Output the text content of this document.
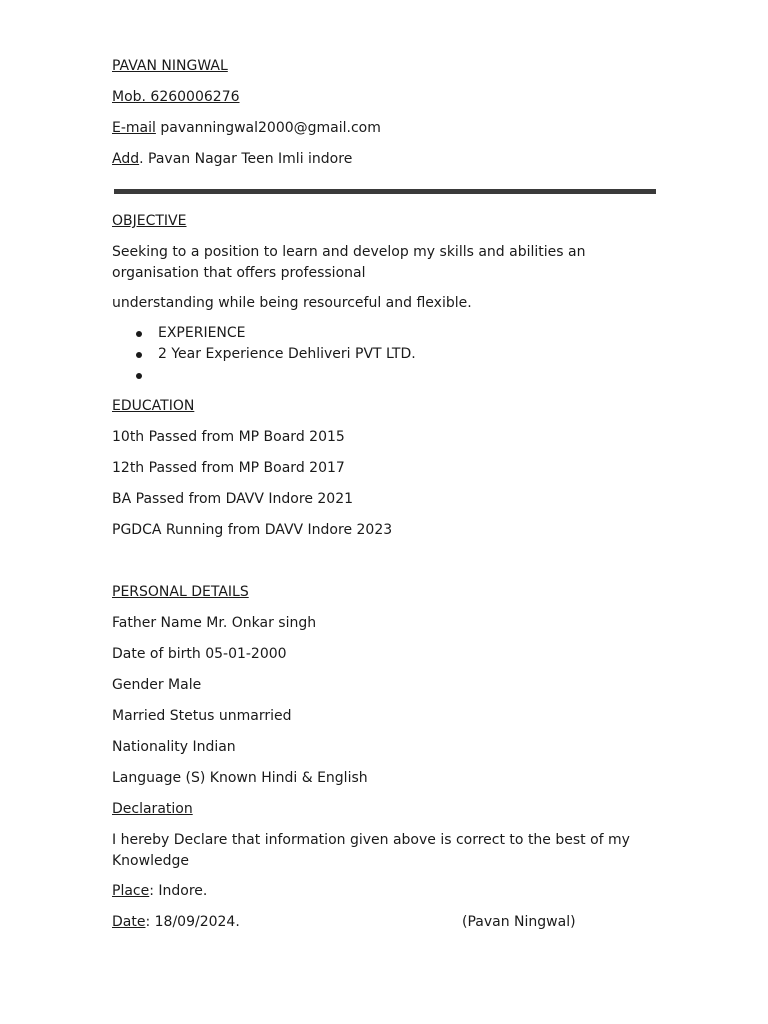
PAVAN NINGWAL

Mob. 6260006276

E-mail pavanningwal2000@gmail.com

Add. Pavan Nagar Teen Imli indore

OBJECTIVE

Seeking to a position to learn and develop my skills and abilities an organisation that offers professional

understanding while being resourceful and flexible.

EXPERIENCE
2 Year Experience Dehliveri PVT LTD.

EDUCATION

10th Passed from MP Board 2015

12th Passed from MP Board 2017

BA Passed from DAVV Indore 2021

PGDCA Running from DAVV Indore 2023

PERSONAL DETAILS

Father Name Mr. Onkar singh

Date of birth 05-01-2000

Gender Male

Married Stetus unmarried

Nationality Indian

Language (S) Known Hindi & English

Declaration

I hereby Declare that information given above is correct to the best of my Knowledge

Place: Indore.

Date: 18/09/2024.	(Pavan Ningwal)
